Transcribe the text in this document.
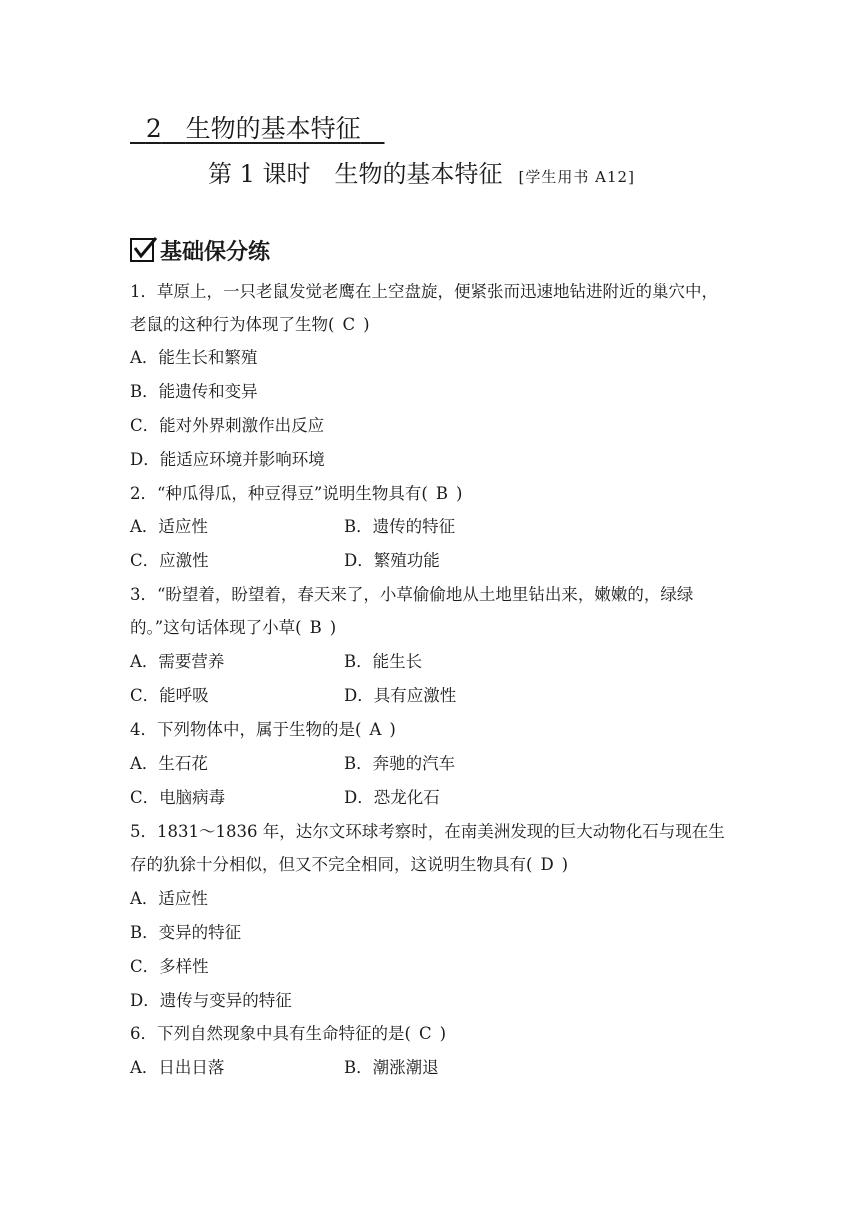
2 生物的基本特征
第 1 课时　生物的基本特征 [学生用书 A12]
基础保分练
1．草原上，一只老鼠发觉老鹰在上空盘旋，便紧张而迅速地钻进附近的巢穴中，
老鼠的这种行为体现了生物( C )
A．能生长和繁殖
B．能遗传和变异
C．能对外界刺激作出反应
D．能适应环境并影响环境
2．“种瓜得瓜，种豆得豆”说明生物具有( B )
A．适应性	B．遗传的特征
C．应激性	D．繁殖功能
3．“盼望着，盼望着，春天来了，小草偷偷地从土地里钻出来，嫩嫩的，绿绿
的。”这句话体现了小草( B )
A．需要营养	B．能生长
C．能呼吸	D．具有应激性
4．下列物体中，属于生物的是( A )
A．生石花	B．奔驰的汽车
C．电脑病毒	D．恐龙化石
5．1831～1836 年，达尔文环球考察时，在南美洲发现的巨大动物化石与现在生
存的犰狳十分相似，但又不完全相同，这说明生物具有( D )
A．适应性
B．变异的特征
C．多样性
D．遗传与变异的特征
6．下列自然现象中具有生命特征的是( C )
A．日出日落	B．潮涨潮退
